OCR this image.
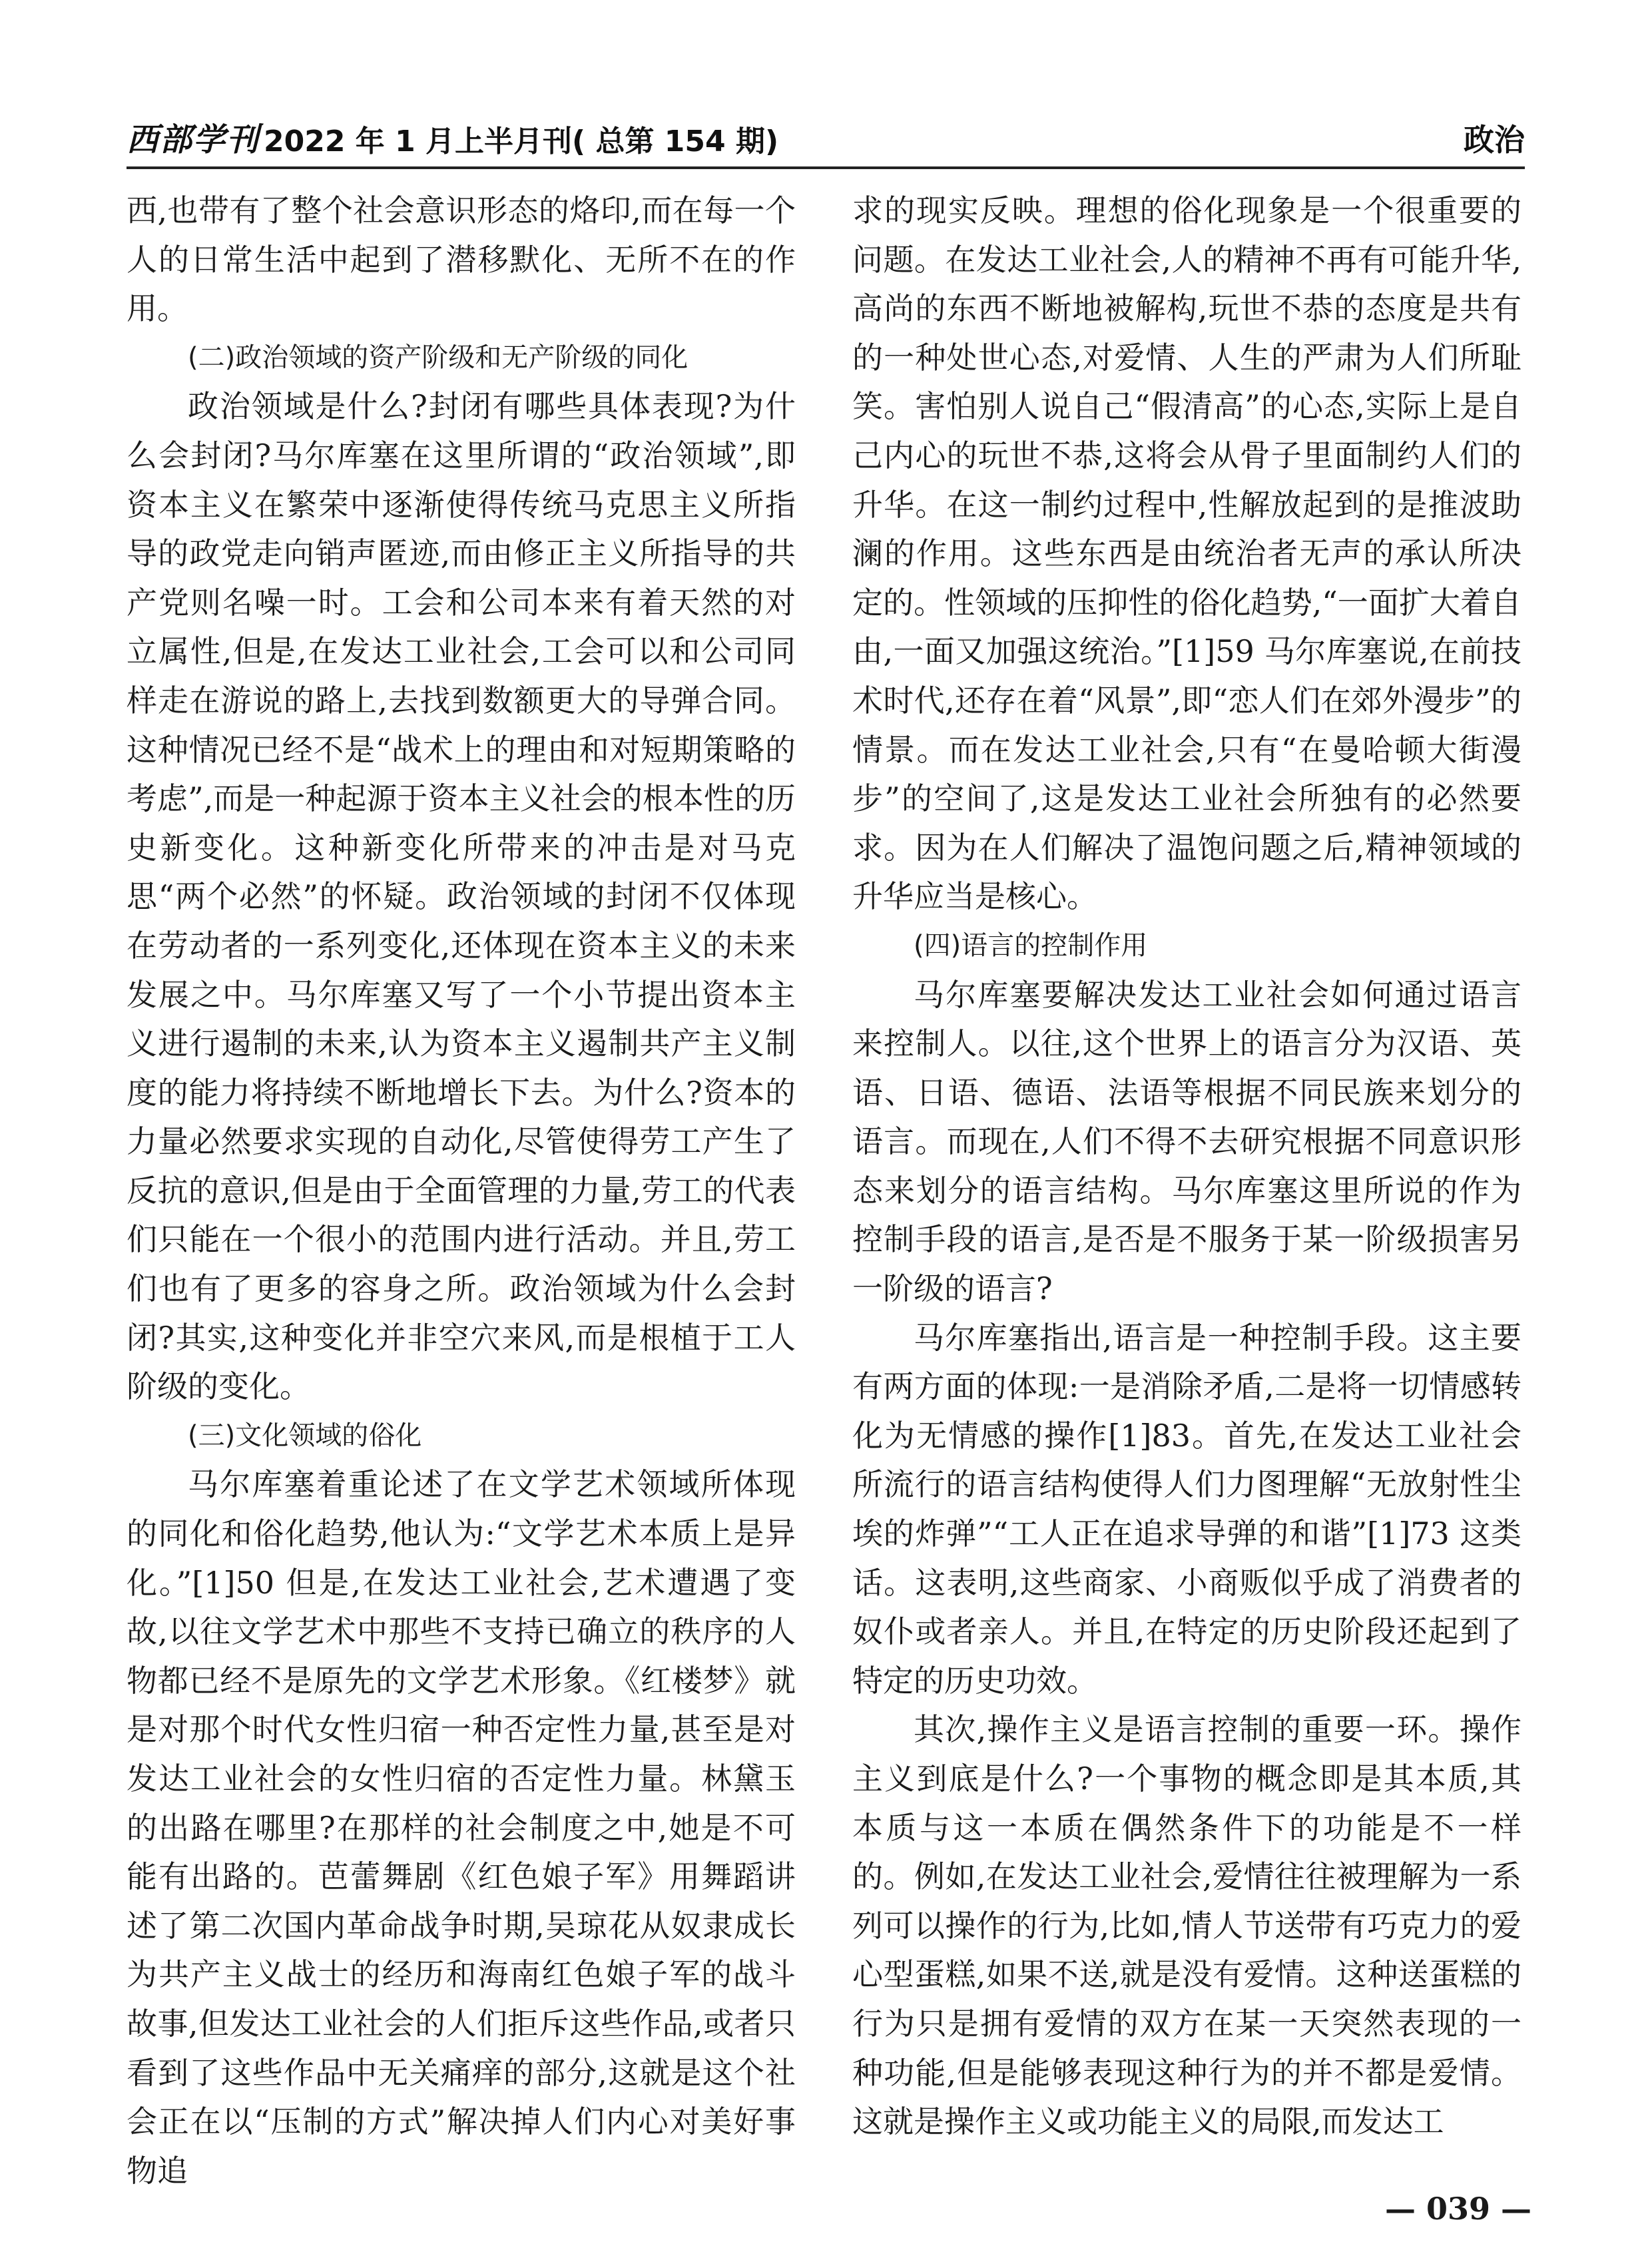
西部学刊 2022 年 1 月上半月刊( 总第 154 期)	政治

西,也带有了整个社会意识形态的烙印,而在每一个人的日常生活中起到了潜移默化、无所不在的作用。

(二)政治领域的资产阶级和无产阶级的同化

政治领域是什么?封闭有哪些具体表现?为什么会封闭?马尔库塞在这里所谓的“政治领域”,即资本主义在繁荣中逐渐使得传统马克思主义所指导的政党走向销声匿迹,而由修正主义所指导的共产党则名噪一时。工会和公司本来有着天然的对立属性,但是,在发达工业社会,工会可以和公司同样走在游说的路上,去找到数额更大的导弹合同。这种情况已经不是“战术上的理由和对短期策略的考虑”,而是一种起源于资本主义社会的根本性的历史新变化。这种新变化所带来的冲击是对马克思“两个必然”的怀疑。政治领域的封闭不仅体现在劳动者的一系列变化,还体现在资本主义的未来发展之中。马尔库塞又写了一个小节提出资本主义进行遏制的未来,认为资本主义遏制共产主义制度的能力将持续不断地增长下去。为什么?资本的力量必然要求实现的自动化,尽管使得劳工产生了反抗的意识,但是由于全面管理的力量,劳工的代表们只能在一个很小的范围内进行活动。并且,劳工们也有了更多的容身之所。政治领域为什么会封闭?其实,这种变化并非空穴来风,而是根植于工人阶级的变化。

(三)文化领域的俗化

马尔库塞着重论述了在文学艺术领域所体现的同化和俗化趋势,他认为:“文学艺术本质上是异化。”[1]50 但是,在发达工业社会,艺术遭遇了变故,以往文学艺术中那些不支持已确立的秩序的人物都已经不是原先的文学艺术形象。《红楼梦》就是对那个时代女性归宿一种否定性力量,甚至是对发达工业社会的女性归宿的否定性力量。林黛玉的出路在哪里?在那样的社会制度之中,她是不可能有出路的。芭蕾舞剧《红色娘子军》用舞蹈讲述了第二次国内革命战争时期,吴琼花从奴隶成长为共产主义战士的经历和海南红色娘子军的战斗故事,但发达工业社会的人们拒斥这些作品,或者只看到了这些作品中无关痛痒的部分,这就是这个社会正在以“压制的方式”解决掉人们内心对美好事物追

求的现实反映。理想的俗化现象是一个很重要的问题。在发达工业社会,人的精神不再有可能升华,高尚的东西不断地被解构,玩世不恭的态度是共有的一种处世心态,对爱情、人生的严肃为人们所耻笑。害怕别人说自己“假清高”的心态,实际上是自己内心的玩世不恭,这将会从骨子里面制约人们的升华。在这一制约过程中,性解放起到的是推波助澜的作用。这些东西是由统治者无声的承认所决定的。性领域的压抑性的俗化趋势,“一面扩大着自由,一面又加强这统治。”[1]59 马尔库塞说,在前技术时代,还存在着“风景”,即“恋人们在郊外漫步”的情景。而在发达工业社会,只有“在曼哈顿大街漫步”的空间了,这是发达工业社会所独有的必然要求。因为在人们解决了温饱问题之后,精神领域的升华应当是核心。

(四)语言的控制作用

马尔库塞要解决发达工业社会如何通过语言来控制人。以往,这个世界上的语言分为汉语、英语、日语、德语、法语等根据不同民族来划分的语言。而现在,人们不得不去研究根据不同意识形态来划分的语言结构。马尔库塞这里所说的作为控制手段的语言,是否是不服务于某一阶级损害另一阶级的语言?

马尔库塞指出,语言是一种控制手段。这主要有两方面的体现:一是消除矛盾,二是将一切情感转化为无情感的操作[1]83。首先,在发达工业社会所流行的语言结构使得人们力图理解“无放射性尘埃的炸弹”“工人正在追求导弹的和谐”[1]73 这类话。这表明,这些商家、小商贩似乎成了消费者的奴仆或者亲人。并且,在特定的历史阶段还起到了特定的历史功效。

其次,操作主义是语言控制的重要一环。操作主义到底是什么?一个事物的概念即是其本质,其本质与这一本质在偶然条件下的功能是不一样的。例如,在发达工业社会,爱情往往被理解为一系列可以操作的行为,比如,情人节送带有巧克力的爱心型蛋糕,如果不送,就是没有爱情。这种送蛋糕的行为只是拥有爱情的双方在某一天突然表现的一种功能,但是能够表现这种行为的并不都是爱情。这就是操作主义或功能主义的局限,而发达工

— 039 —
